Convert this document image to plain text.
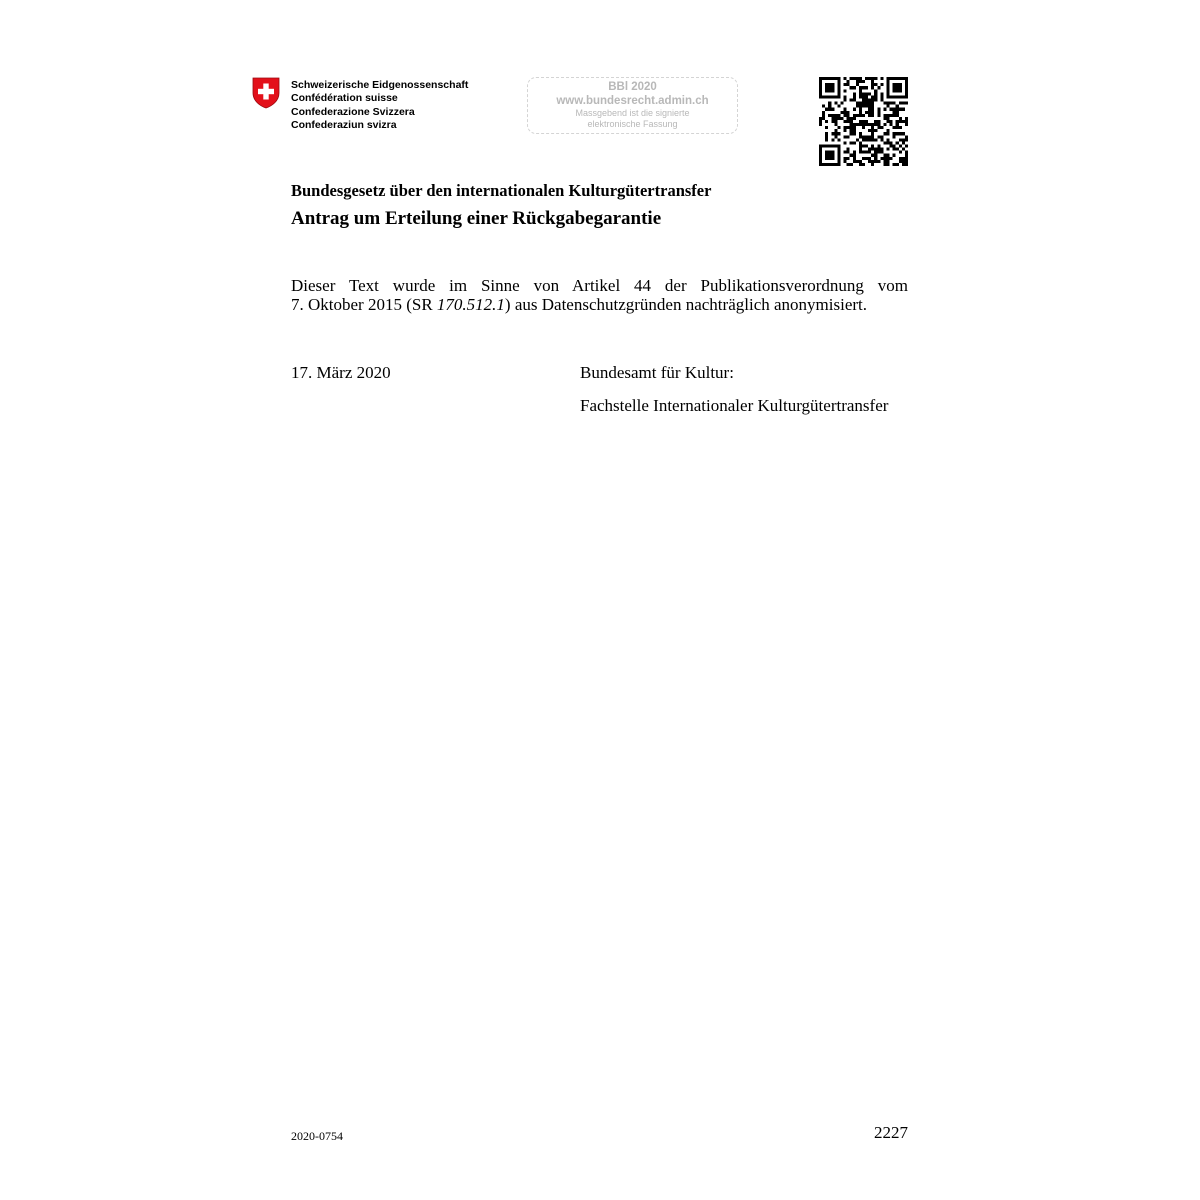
Schweizerische Eidgenossenschaft
Confédération suisse
Confederazione Svizzera
Confederaziun svizra
BBl 2020
www.bundesrecht.admin.ch
Massgebend ist die signierte
elektronische Fassung
Bundesgesetz über den internationalen Kulturgütertransfer
Antrag um Erteilung einer Rückgabegarantie
Dieser Text wurde im Sinne von Artikel 44 der Publikationsverordnung vom
7. Oktober 2015 (SR 170.512.1) aus Datenschutzgründen nachträglich anonymisiert.
17. März 2020	Bundesamt für Kultur:
Fachstelle Internationaler Kulturgütertransfer
2020-0754	2227
